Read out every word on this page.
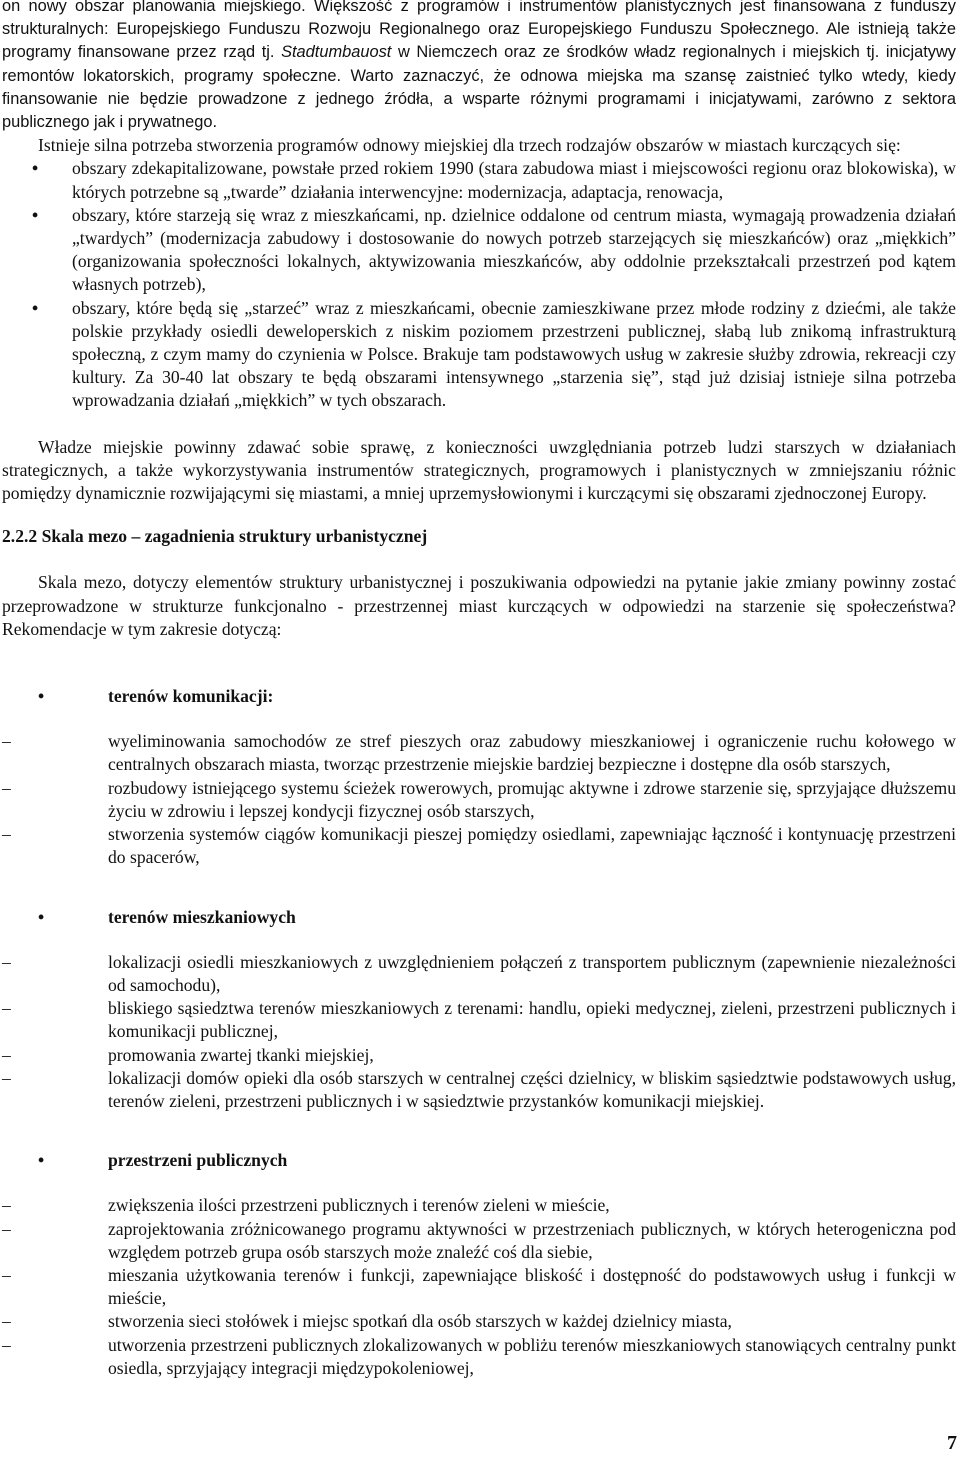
on nowy obszar planowania miejskiego. Większość z programów i instrumentów planistycznych jest finansowana z funduszy strukturalnych: Europejskiego Funduszu Rozwoju Regionalnego oraz Europejskiego Funduszu Społecznego. Ale istnieją także programy finansowane przez rząd tj. Stadtumbauost w Niemczech oraz ze środków władz regionalnych i miejskich tj. inicjatywy remontów lokatorskich, programy społeczne. Warto zaznaczyć, że odnowa miejska ma szansę zaistnieć tylko wtedy, kiedy finansowanie nie będzie prowadzone z jednego źródła, a wsparte różnymi programami i inicjatywami, zarówno z sektora publicznego jak i prywatnego.

Istnieje silna potrzeba stworzenia programów odnowy miejskiej dla trzech rodzajów obszarów w miastach kurczących się:

• obszary zdekapitalizowane, powstałe przed rokiem 1990 (stara zabudowa miast i miejscowości regionu oraz blokowiska), w których potrzebne są „twarde” działania interwencyjne: modernizacja, adaptacja, renowacja,
• obszary, które starzeją się wraz z mieszkańcami, np. dzielnice oddalone od centrum miasta, wymagają prowadzenia działań „twardych” (modernizacja zabudowy i dostosowanie do nowych potrzeb starzejących się mieszkańców) oraz „miękkich” (organizowania społeczności lokalnych, aktywizowania mieszkańców, aby oddolnie przekształcali przestrzeń pod kątem własnych potrzeb),
• obszary, które będą się „starzeć” wraz z mieszkańcami, obecnie zamieszkiwane przez młode rodziny z dziećmi, ale także polskie przykłady osiedli deweloperskich z niskim poziomem przestrzeni publicznej, słabą lub znikomą infrastrukturą społeczną, z czym mamy do czynienia w Polsce. Brakuje tam podstawowych usług w zakresie służby zdrowia, rekreacji czy kultury. Za 30-40 lat obszary te będą obszarami intensywnego „starzenia się”, stąd już dzisiaj istnieje silna potrzeba wprowadzania działań „miękkich” w tych obszarach.

Władze miejskie powinny zdawać sobie sprawę, z konieczności uwzględniania potrzeb ludzi starszych w działaniach strategicznych, a także wykorzystywania instrumentów strategicznych, programowych i planistycznych w zmniejszaniu różnic pomiędzy dynamicznie rozwijającymi się miastami, a mniej uprzemysłowionymi i kurczącymi się obszarami zjednoczonej Europy.

2.2.2 Skala mezo – zagadnienia struktury urbanistycznej

Skala mezo, dotyczy elementów struktury urbanistycznej i poszukiwania odpowiedzi na pytanie jakie zmiany powinny zostać przeprowadzone w strukturze funkcjonalno - przestrzennej miast kurczących w odpowiedzi na starzenie się społeczeństwa? Rekomendacje w tym zakresie dotyczą:

•	terenów komunikacji:
–	wyeliminowania samochodów ze stref pieszych oraz zabudowy mieszkaniowej i ograniczenie ruchu kołowego w centralnych obszarach miasta, tworząc przestrzenie miejskie bardziej bezpieczne i dostępne dla osób starszych,
–	rozbudowy istniejącego systemu ścieżek rowerowych, promując aktywne i zdrowe starzenie się, sprzyjające dłuższemu życiu w zdrowiu i lepszej kondycji fizycznej osób starszych,
–	stworzenia systemów ciągów komunikacji pieszej pomiędzy osiedlami, zapewniając łączność i kontynuację przestrzeni do spacerów,
•	terenów mieszkaniowych
–	lokalizacji osiedli mieszkaniowych z uwzględnieniem połączeń z transportem publicznym (zapewnienie niezależności od samochodu),
–	bliskiego sąsiedztwa terenów mieszkaniowych z terenami: handlu, opieki medycznej, zieleni, przestrzeni publicznych i komunikacji publicznej,
–	promowania zwartej tkanki miejskiej,
–	lokalizacji domów opieki dla osób starszych w centralnej części dzielnicy, w bliskim sąsiedztwie podstawowych usług, terenów zieleni, przestrzeni publicznych i w sąsiedztwie przystanków komunikacji miejskiej.
•	przestrzeni publicznych
–	zwiększenia ilości przestrzeni publicznych i terenów zieleni w mieście,
–	zaprojektowania zróżnicowanego programu aktywności w przestrzeniach publicznych, w których heterogeniczna pod względem potrzeb grupa osób starszych może znaleźć coś dla siebie,
–	mieszania użytkowania terenów i funkcji, zapewniające bliskość i dostępność do podstawowych usług i funkcji w mieście,
–	stworzenia sieci stołówek i miejsc spotkań dla osób starszych w każdej dzielnicy miasta,
–	utworzenia przestrzeni publicznych zlokalizowanych w pobliżu terenów mieszkaniowych stanowiących centralny punkt osiedla, sprzyjający integracji międzypokoleniowej,
7
